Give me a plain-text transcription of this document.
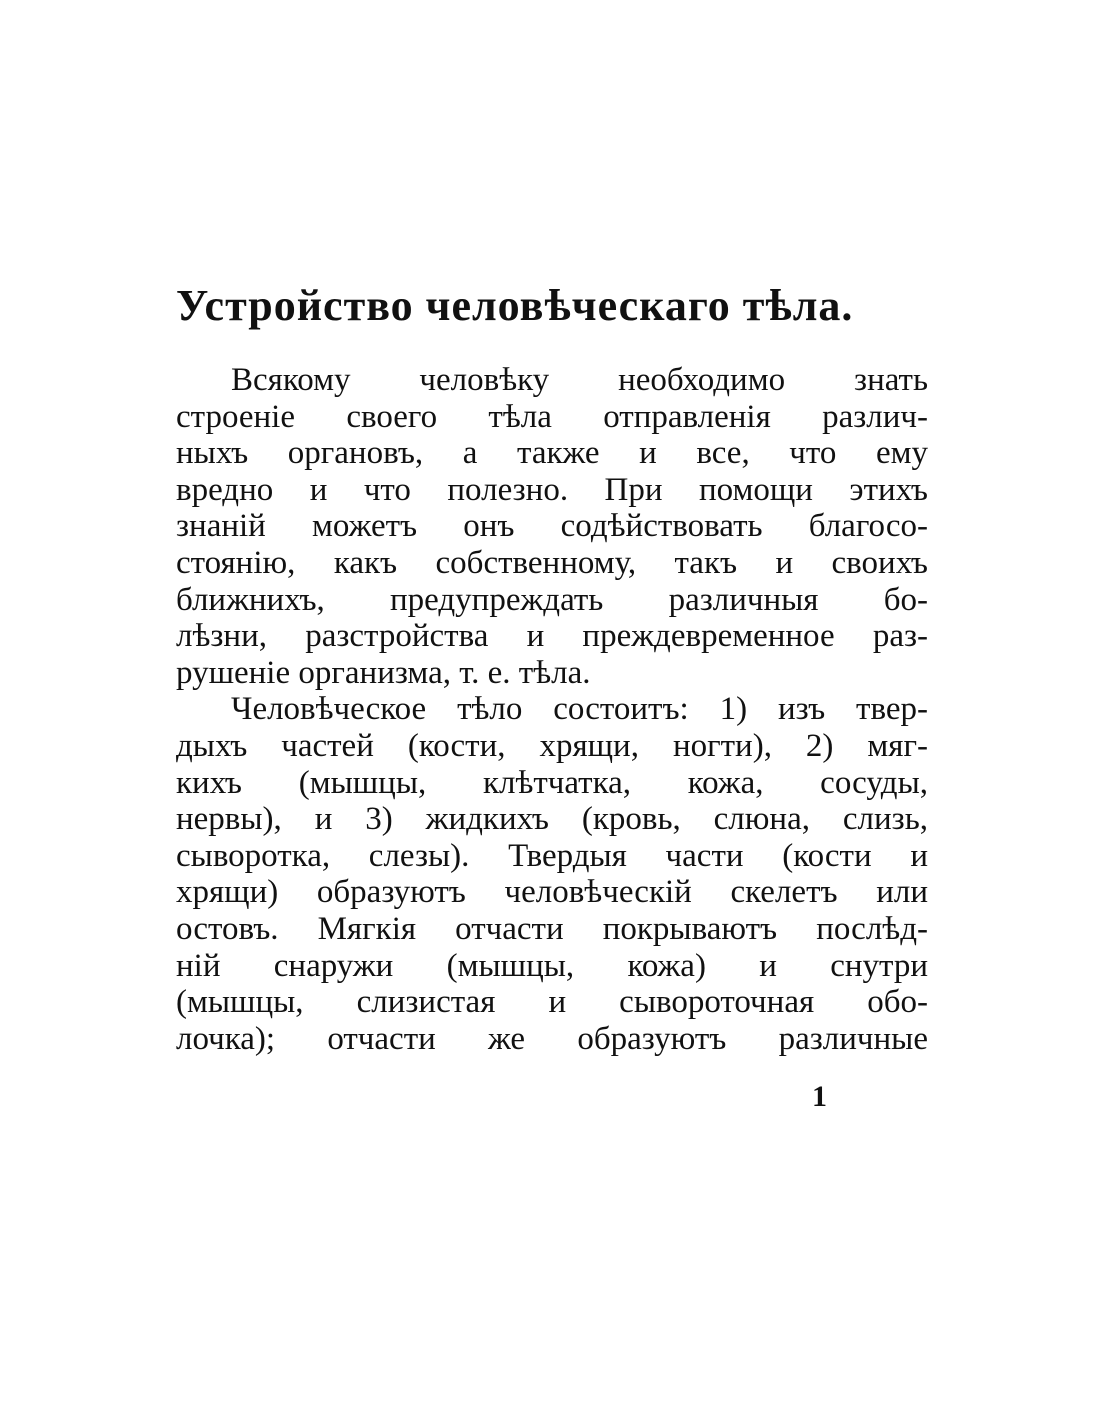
Устройство человѣческаго тѣла.
Всякому человѣку необходимо знать
строеніе своего тѣла отправленія различ-
ныхъ органовъ, а также и все, что ему
вредно и что полезно. При помощи этихъ
знаній можетъ онъ содѣйствовать благосо-
стоянію, какъ собственному, такъ и своихъ
ближнихъ, предупреждать различныя бо-
лѣзни, разстройства и преждевременное раз-
рушеніе организма, т. е. тѣла.
Человѣческое тѣло состоитъ: 1) изъ твер-
дыхъ частей (кости, хрящи, ногти), 2) мяг-
кихъ (мышцы, клѣтчатка, кожа, сосуды,
нервы), и 3) жидкихъ (кровь, слюна, слизь,
сыворотка, слезы). Твердыя части (кости и
хрящи) образуютъ человѣческій скелетъ или
остовъ. Мягкія отчасти покрываютъ послѣд-
ній снаружи (мышцы, кожа) и снутри
(мышцы, слизистая и сывороточная обо-
лочка); отчасти же образуютъ различные
1
